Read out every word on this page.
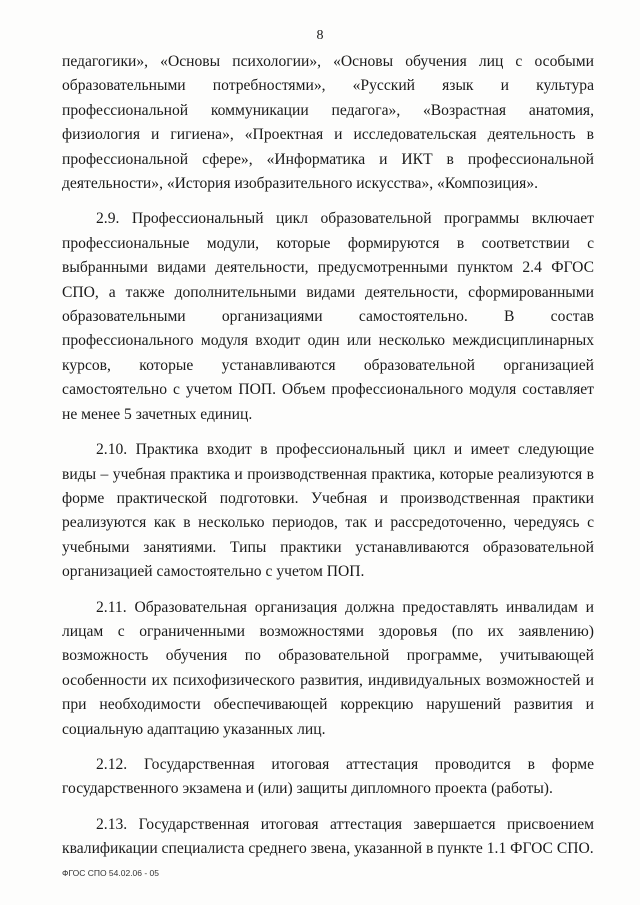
8

педагогики», «Основы психологии», «Основы обучения лиц с особыми образовательными потребностями», «Русский язык и культура профессиональной коммуникации педагога», «Возрастная анатомия, физиология и гигиена», «Проектная и исследовательская деятельность в профессиональной сфере», «Информатика и ИКТ в профессиональной деятельности», «История изобразительного искусства», «Композиция».

2.9. Профессиональный цикл образовательной программы включает профессиональные модули, которые формируются в соответствии с выбранными видами деятельности, предусмотренными пунктом 2.4 ФГОС СПО, а также дополнительными видами деятельности, сформированными образовательными организациями самостоятельно. В состав профессионального модуля входит один или несколько междисциплинарных курсов, которые устанавливаются образовательной организацией самостоятельно с учетом ПОП. Объем профессионального модуля составляет не менее 5 зачетных единиц.

2.10. Практика входит в профессиональный цикл и имеет следующие виды – учебная практика и производственная практика, которые реализуются в форме практической подготовки. Учебная и производственная практики реализуются как в несколько периодов, так и рассредоточенно, чередуясь с учебными занятиями. Типы практики устанавливаются образовательной организацией самостоятельно с учетом ПОП.

2.11. Образовательная организация должна предоставлять инвалидам и лицам с ограниченными возможностями здоровья (по их заявлению) возможность обучения по образовательной программе, учитывающей особенности их психофизического развития, индивидуальных возможностей и при необходимости обеспечивающей коррекцию нарушений развития и социальную адаптацию указанных лиц.

2.12. Государственная итоговая аттестация проводится в форме государственного экзамена и (или) защиты дипломного проекта (работы).

2.13. Государственная итоговая аттестация завершается присвоением квалификации специалиста среднего звена, указанной в пункте 1.1 ФГОС СПО.

ФГОС СПО 54.02.06 - 05
